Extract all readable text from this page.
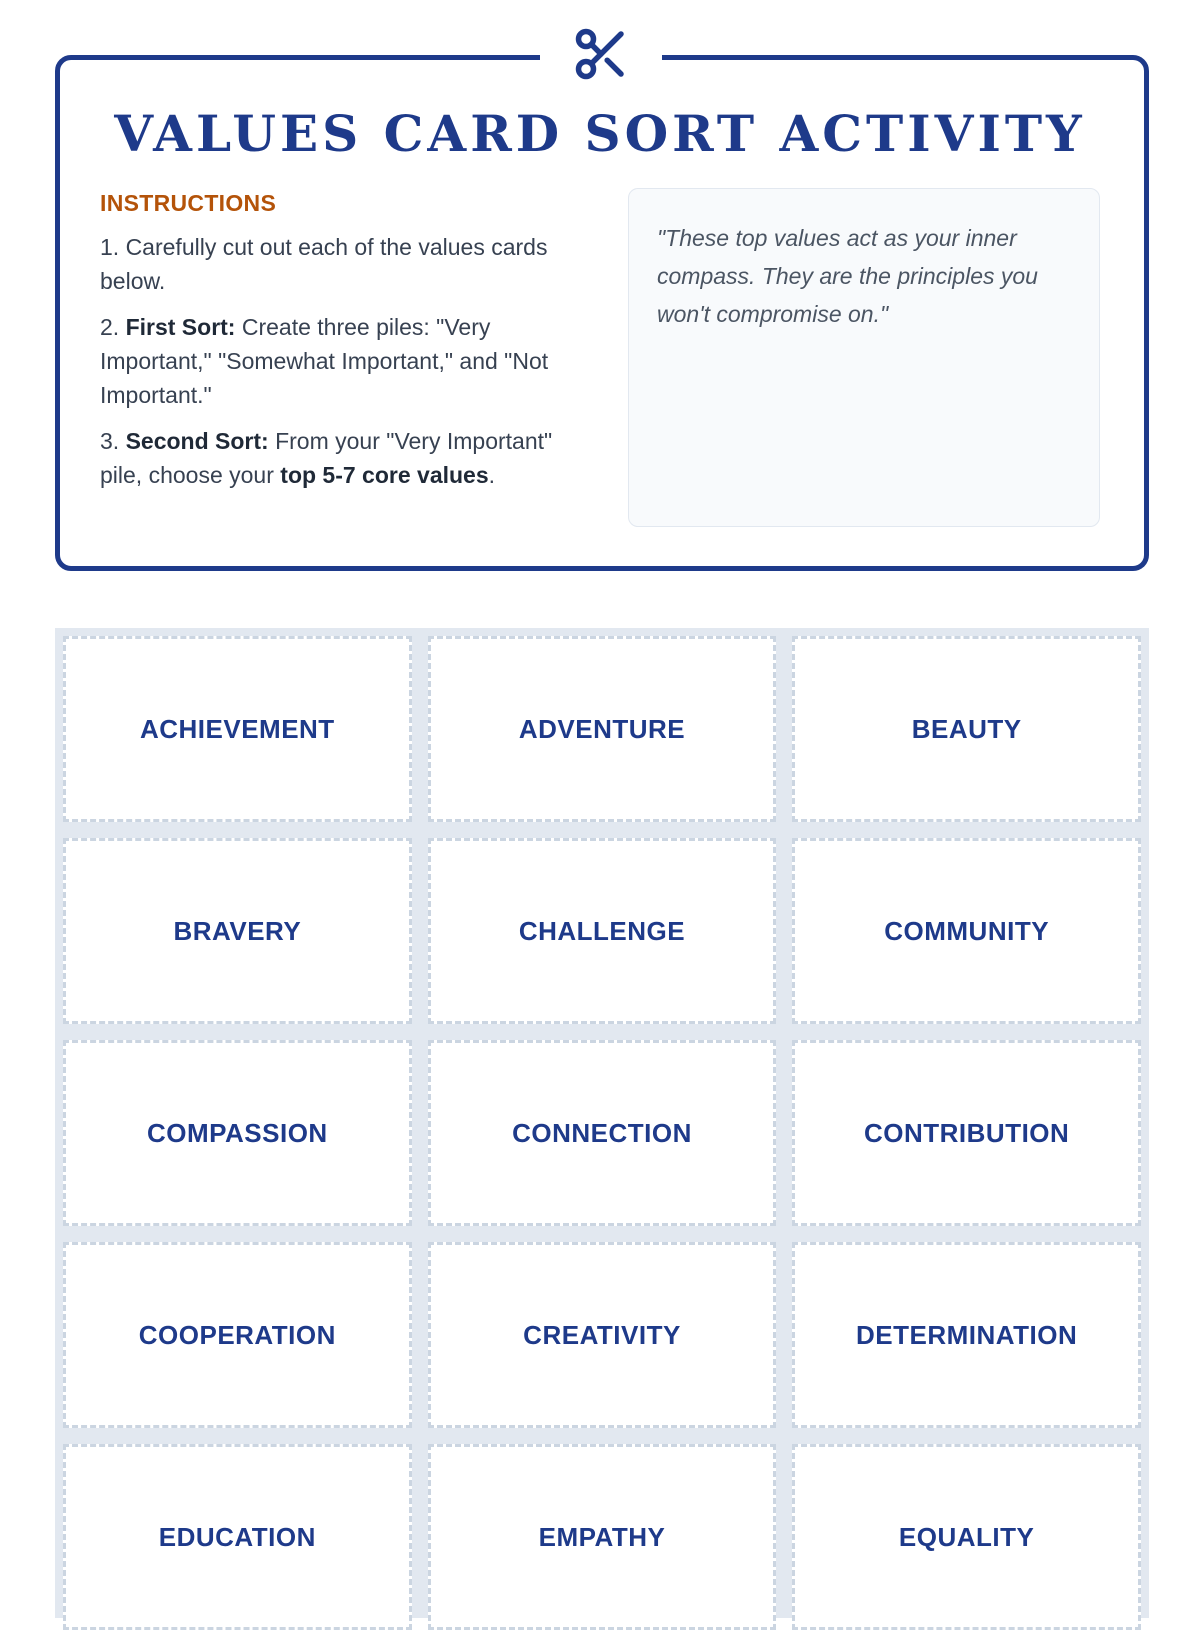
VALUES CARD SORT ACTIVITY
INSTRUCTIONS

1. Carefully cut out each of the values cards below.

2. First Sort: Create three piles: "Very Important," "Somewhat Important," and "Not Important."

3. Second Sort: From your "Very Important" pile, choose your top 5-7 core values.

"These top values act as your inner compass. They are the principles you won't compromise on."

ACHIEVEMENT	ADVENTURE	BEAUTY
BRAVERY	CHALLENGE	COMMUNITY
COMPASSION	CONNECTION	CONTRIBUTION
COOPERATION	CREATIVITY	DETERMINATION
EDUCATION	EMPATHY	EQUALITY
